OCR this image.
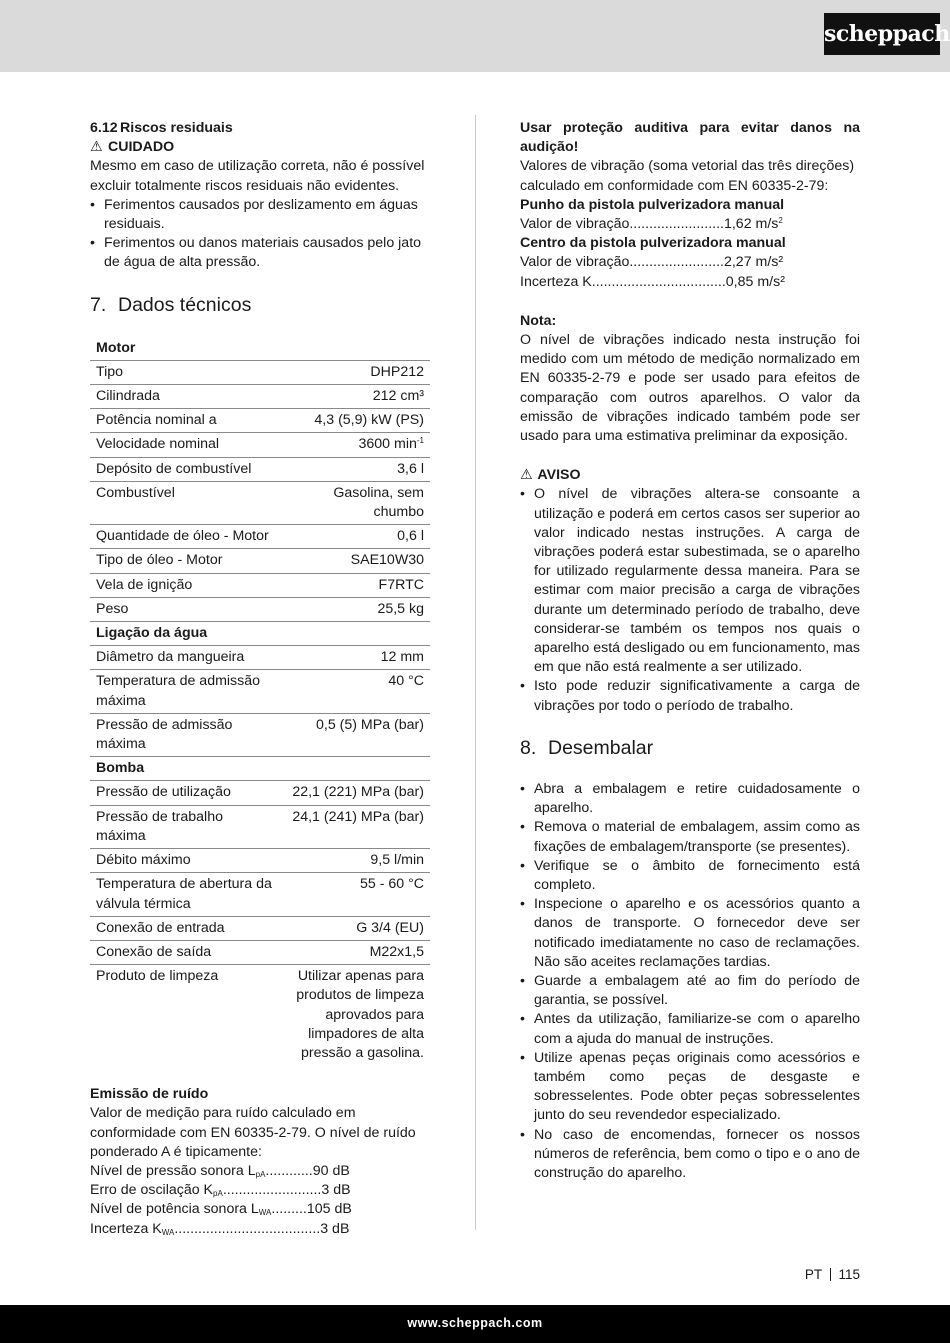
scheppach

6.12 Riscos residuais

⚠ CUIDADO

Mesmo em caso de utilização correta, não é possível excluir totalmente riscos residuais não evidentes.

• Ferimentos causados por deslizamento em águas residuais.
• Ferimentos ou danos materiais causados pelo jato de água de alta pressão.

7. Dados técnicos

Motor	
Tipo	DHP212
Cilindrada	212 cm³
Potência nominal a	4,3 (5,9) kW (PS)
Velocidade nominal	3600 $\min^{-1}$
Depósito de combustível	3,6 l
Combustível	Gasolina, sem chumbo
Quantidade de óleo - Motor	0,6 l
Tipo de óleo - Motor	SAE10W30
Vela de ignição	F7RTC
Peso	25,5 kg
Ligação da água	
Diâmetro da mangueira	12 mm
Temperatura de admissão máxima	40 °C
Pressão de admissão máxima	0,5 (5) MPa (bar)
Bomba	
Pressão de utilização	22,1 (221) MPa (bar)
Pressão de trabalho máxima	24,1 (241) MPa (bar)
Débito máximo	9,5 l/min
Temperatura de abertura da válvula térmica	55 - 60 °C
Conexão de entrada	G 3/4 (EU)
Conexão de saída	M22x1,5
Produto de limpeza	Utilizar apenas para produtos de limpeza aprovados para limpadores de alta pressão a gasolina.

Emissão de ruído

Valor de medição para ruído calculado em conformidade com EN 60335-2-79. O nível de ruído ponderado A é tipicamente:

Nível de pressão sonora $L_{pA}............90$ dB

Erro de oscilação $K_{pA}.........................3$ dB

Nível de potência sonora $L_{WA}.........105$ dB

Incerteza $K_{WA}.....................................3$ dB

Usar proteção auditiva para evitar danos na audição!

Valores de vibração (soma vetorial das três direções) calculado em conformidade com EN 60335-2-79:

Punho da pistola pulverizadora manual

Valor de vibração........................1,62 $m/s^2$

Centro da pistola pulverizadora manual

Valor de vibração........................2,27 m/s²

Incerteza K..................................0,85 m/s²

Nota:

O nível de vibrações indicado nesta instrução foi medido com um método de medição normalizado em EN 60335-2-79 e pode ser usado para efeitos de comparação com outros aparelhos. O valor da emissão de vibrações indicado também pode ser usado para uma estimativa preliminar da exposição.

⚠ AVISO

• O nível de vibrações altera-se consoante a utilização e poderá em certos casos ser superior ao valor indicado nestas instruções. A carga de vibrações poderá estar subestimada, se o aparelho for utilizado regularmente dessa maneira. Para se estimar com maior precisão a carga de vibrações durante um determinado período de trabalho, deve considerar-se também os tempos nos quais o aparelho está desligado ou em funcionamento, mas em que não está realmente a ser utilizado.
• Isto pode reduzir significativamente a carga de vibrações por todo o período de trabalho.

8. Desembalar

• Abra a embalagem e retire cuidadosamente o aparelho.
• Remova o material de embalagem, assim como as fixações de embalagem/transporte (se presentes).
• Verifique se o âmbito de fornecimento está completo.
• Inspecione o aparelho e os acessórios quanto a danos de transporte. O fornecedor deve ser notificado imediatamente no caso de reclamações. Não são aceites reclamações tardias.
• Guarde a embalagem até ao fim do período de garantia, se possível.
• Antes da utilização, familiarize-se com o aparelho com a ajuda do manual de instruções.
• Utilize apenas peças originais como acessórios e também como peças de desgaste e sobresselentes. Pode obter peças sobresselentes junto do seu revendedor especializado.
• No caso de encomendas, fornecer os nossos números de referência, bem como o tipo e o ano de construção do aparelho.
PT 115
www.scheppach.com
